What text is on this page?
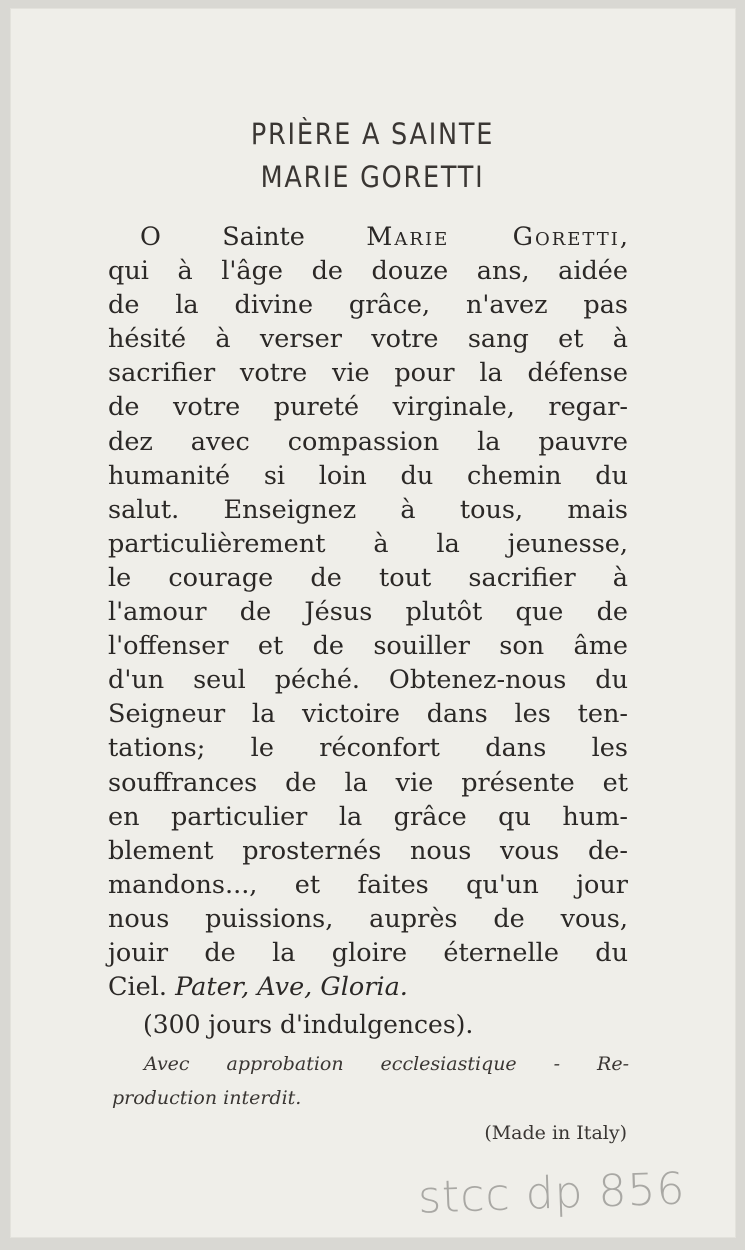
PRIÈRE A SAINTE
MARIE GORETTI
O Sainte Marie Goretti,
qui à l'âge de douze ans, aidée
de la divine grâce, n'avez pas
hésité à verser votre sang et à
sacrifier votre vie pour la défense
de votre pureté virginale, regar-
dez avec compassion la pauvre
humanité si loin du chemin du
salut. Enseignez à tous, mais
particulièrement à la jeunesse,
le courage de tout sacrifier à
l'amour de Jésus plutôt que de
l'offenser et de souiller son âme
d'un seul péché. Obtenez-nous du
Seigneur la victoire dans les ten-
tations; le réconfort dans les
souffrances de la vie présente et
en particulier la grâce qu hum-
blement prosternés nous vous de-
mandons..., et faites qu'un jour
nous puissions, auprès de vous,
jouir de la gloire éternelle du
Ciel. Pater, Ave, Gloria.
(300 jours d'indulgences).
Avec approbation ecclesiastique - Re-
production interdit.
(Made in Italy)
stcc dp 856
